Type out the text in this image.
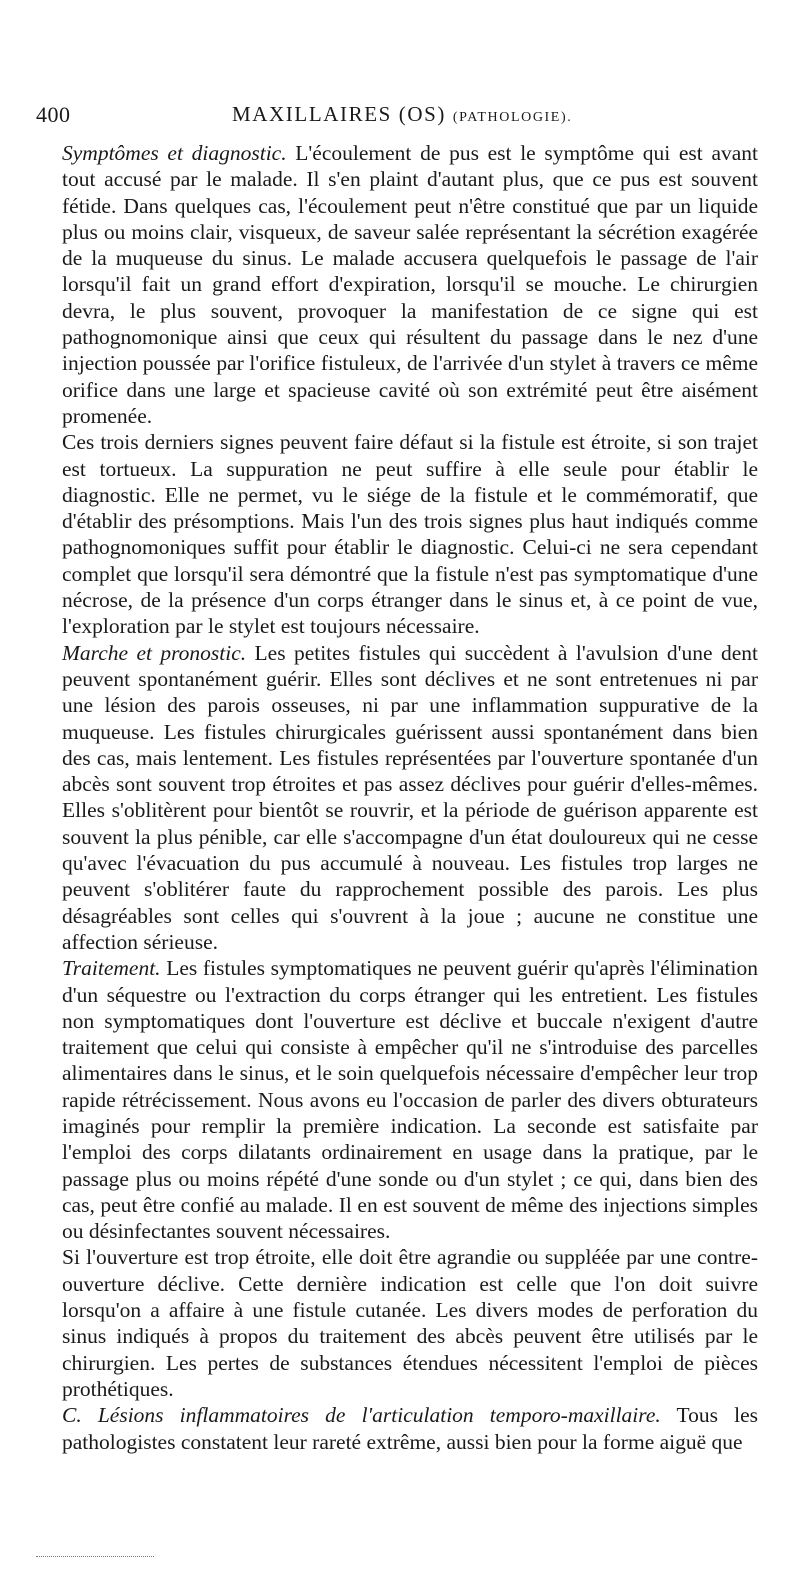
400	MAXILLAIRES (OS) (PATHOLOGIE).

Symptômes et diagnostic. L'écoulement de pus est le symptôme qui est avant tout accusé par le malade. Il s'en plaint d'autant plus, que ce pus est souvent fétide. Dans quelques cas, l'écoulement peut n'être constitué que par un liquide plus ou moins clair, visqueux, de saveur salée représentant la sécrétion exagérée de la muqueuse du sinus. Le malade accusera quelquefois le passage de l'air lorsqu'il fait un grand effort d'expiration, lorsqu'il se mouche. Le chirurgien devra, le plus souvent, provoquer la manifestation de ce signe qui est pathognomonique ainsi que ceux qui résultent du passage dans le nez d'une injection poussée par l'orifice fistuleux, de l'arrivée d'un stylet à travers ce même orifice dans une large et spacieuse cavité où son extrémité peut être aisément promenée.

Ces trois derniers signes peuvent faire défaut si la fistule est étroite, si son trajet est tortueux. La suppuration ne peut suffire à elle seule pour établir le diagnostic. Elle ne permet, vu le siége de la fistule et le commémoratif, que d'établir des présomptions. Mais l'un des trois signes plus haut indiqués comme pathognomoniques suffit pour établir le diagnostic. Celui-ci ne sera cependant complet que lorsqu'il sera démontré que la fistule n'est pas symptomatique d'une nécrose, de la présence d'un corps étranger dans le sinus et, à ce point de vue, l'exploration par le stylet est toujours nécessaire.

Marche et pronostic. Les petites fistules qui succèdent à l'avulsion d'une dent peuvent spontanément guérir. Elles sont déclives et ne sont entretenues ni par une lésion des parois osseuses, ni par une inflammation suppurative de la muqueuse. Les fistules chirurgicales guérissent aussi spontanément dans bien des cas, mais lentement. Les fistules représentées par l'ouverture spontanée d'un abcès sont souvent trop étroites et pas assez déclives pour guérir d'elles-mêmes. Elles s'oblitèrent pour bientôt se rouvrir, et la période de guérison apparente est souvent la plus pénible, car elle s'accompagne d'un état douloureux qui ne cesse qu'avec l'évacuation du pus accumulé à nouveau. Les fistules trop larges ne peuvent s'oblitérer faute du rapprochement possible des parois. Les plus désagréables sont celles qui s'ouvrent à la joue ; aucune ne constitue une affection sérieuse.

Traitement. Les fistules symptomatiques ne peuvent guérir qu'après l'élimination d'un séquestre ou l'extraction du corps étranger qui les entretient. Les fistules non symptomatiques dont l'ouverture est déclive et buccale n'exigent d'autre traitement que celui qui consiste à empêcher qu'il ne s'introduise des parcelles alimentaires dans le sinus, et le soin quelquefois nécessaire d'empêcher leur trop rapide rétrécissement. Nous avons eu l'occasion de parler des divers obturateurs imaginés pour remplir la première indication. La seconde est satisfaite par l'emploi des corps dilatants ordinairement en usage dans la pratique, par le passage plus ou moins répété d'une sonde ou d'un stylet ; ce qui, dans bien des cas, peut être confié au malade. Il en est souvent de même des injections simples ou désinfectantes souvent nécessaires.

Si l'ouverture est trop étroite, elle doit être agrandie ou suppléée par une contre-ouverture déclive. Cette dernière indication est celle que l'on doit suivre lorsqu'on a affaire à une fistule cutanée. Les divers modes de perforation du sinus indiqués à propos du traitement des abcès peuvent être utilisés par le chirurgien. Les pertes de substances étendues nécessitent l'emploi de pièces prothétiques.

C. Lésions inflammatoires de l'articulation temporo-maxillaire. Tous les pathologistes constatent leur rareté extrême, aussi bien pour la forme aiguë que
